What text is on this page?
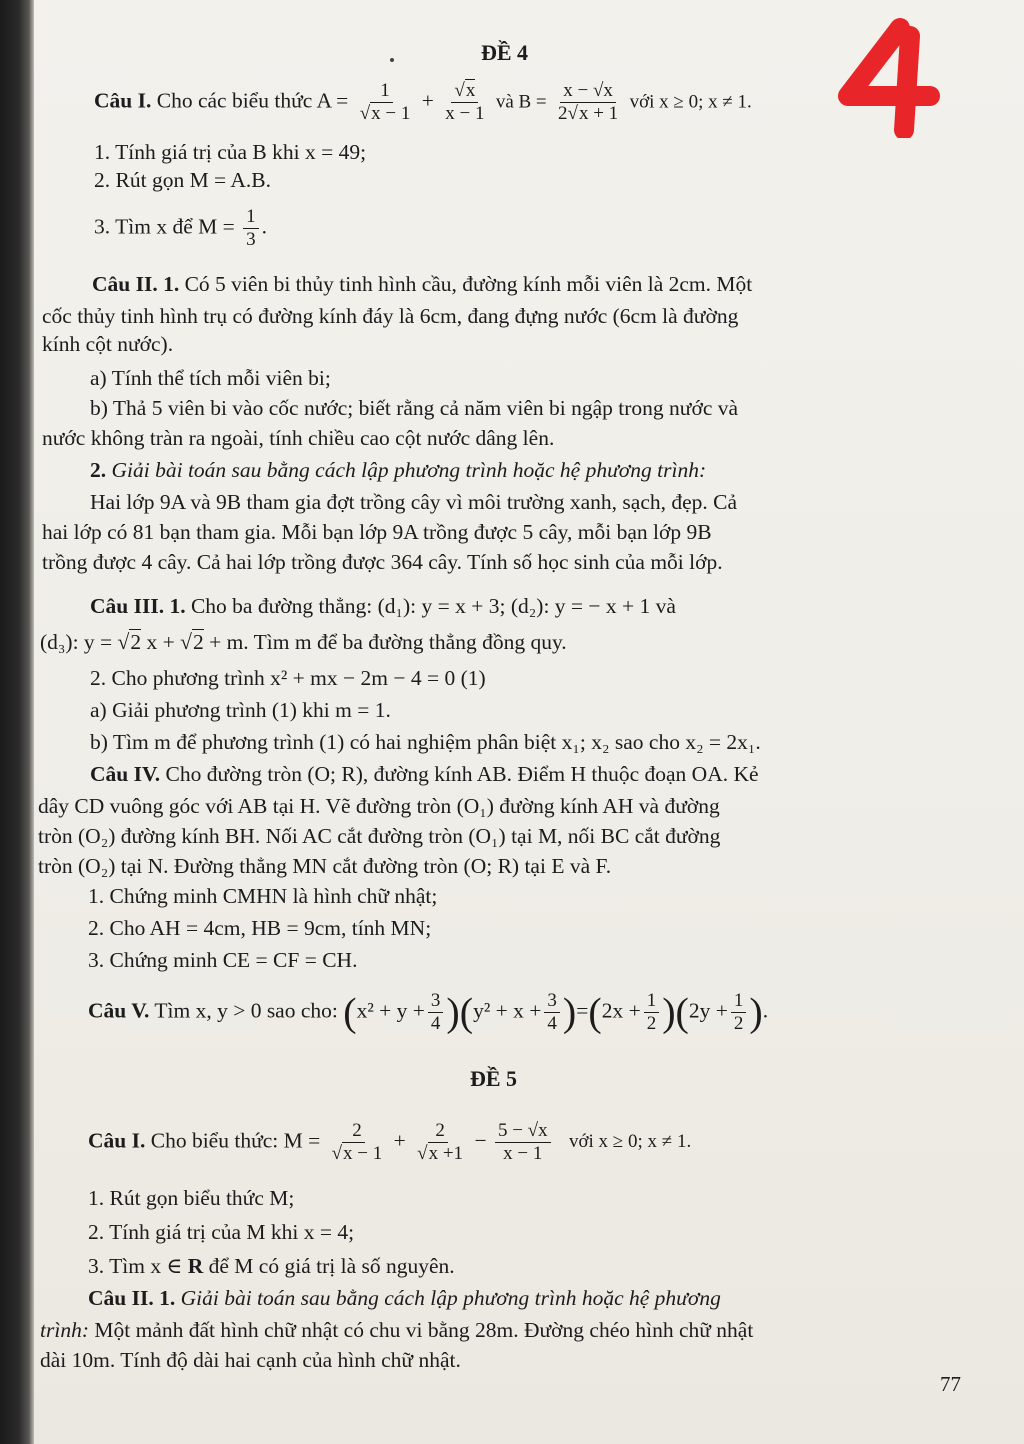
ĐỀ 4
Câu I. Cho các biểu thức $A = \frac{1}{√x - 1} + \frac{√x}{x - 1}$ và $B = \frac{x - √x}{2√x + 1}$ với x ≥ 0; x ≠ 1.
1. Tính giá trị của B khi x = 49;
2. Rút gọn M = A.B.
3. Tìm x để $M = \frac{1}{3}$ .
Câu II. 1. Có 5 viên bi thủy tinh hình cầu, đường kính mỗi viên là 2cm. Một
cốc thủy tinh hình trụ có đường kính đáy là 6cm, đang đựng nước (6cm là đường
kính cột nước).
a) Tính thể tích mỗi viên bi;
b) Thả 5 viên bi vào cốc nước; biết rằng cả năm viên bi ngập trong nước và
nước không tràn ra ngoài, tính chiều cao cột nước dâng lên.
2. Giải bài toán sau bằng cách lập phương trình hoặc hệ phương trình:
Hai lớp 9A và 9B tham gia đợt trồng cây vì môi trường xanh, sạch, đẹp. Cả
hai lớp có 81 bạn tham gia. Mỗi bạn lớp 9A trồng được 5 cây, mỗi bạn lớp 9B
trồng được 4 cây. Cả hai lớp trồng được 364 cây. Tính số học sinh của mỗi lớp.
Câu III. 1. Cho ba đường thẳng: (d₁): y = x + 3; (d₂): y = − x + 1 và
(d₃): y = √2 x + √2 + m. Tìm m để ba đường thẳng đồng quy.
2. Cho phương trình x² + mx − 2m − 4 = 0 (1)
a) Giải phương trình (1) khi m = 1.
b) Tìm m để phương trình (1) có hai nghiệm phân biệt x₁; x₂ sao cho x₂ = 2x₁.
Câu IV. Cho đường tròn (O; R), đường kính AB. Điểm H thuộc đoạn OA. Kẻ
dây CD vuông góc với AB tại H. Vẽ đường tròn (O₁) đường kính AH và đường
tròn (O₂) đường kính BH. Nối AC cắt đường tròn (O₁) tại M, nối BC cắt đường
tròn (O₂) tại N. Đường thẳng MN cắt đường tròn (O; R) tại E và F.
1. Chứng minh CMHN là hình chữ nhật;
2. Cho AH = 4cm, HB = 9cm, tính MN;
3. Chứng minh CE = CF = CH.
Câu V. Tìm x, y > 0 sao cho: $(x^2 + y + \frac{3}{4} )(y^2 + x + \frac{3}{4} )=(2x + \frac{1}{2} )(2y + \frac{1}{2}$ ).
ĐỀ 5
Câu I. Cho biểu thức: $M = \frac{2}{√x - 1} + \frac{2}{√x +1} - \frac{5 - √x}{x - 1}$ với x ≥ 0; x ≠ 1.
1. Rút gọn biểu thức M;
2. Tính giá trị của M khi x = 4;
3. Tìm x ∈ R để M có giá trị là số nguyên.
Câu II. 1. Giải bài toán sau bằng cách lập phương trình hoặc hệ phương
trình: Một mảnh đất hình chữ nhật có chu vi bằng 28m. Đường chéo hình chữ nhật
dài 10m. Tính độ dài hai cạnh của hình chữ nhật.
77
